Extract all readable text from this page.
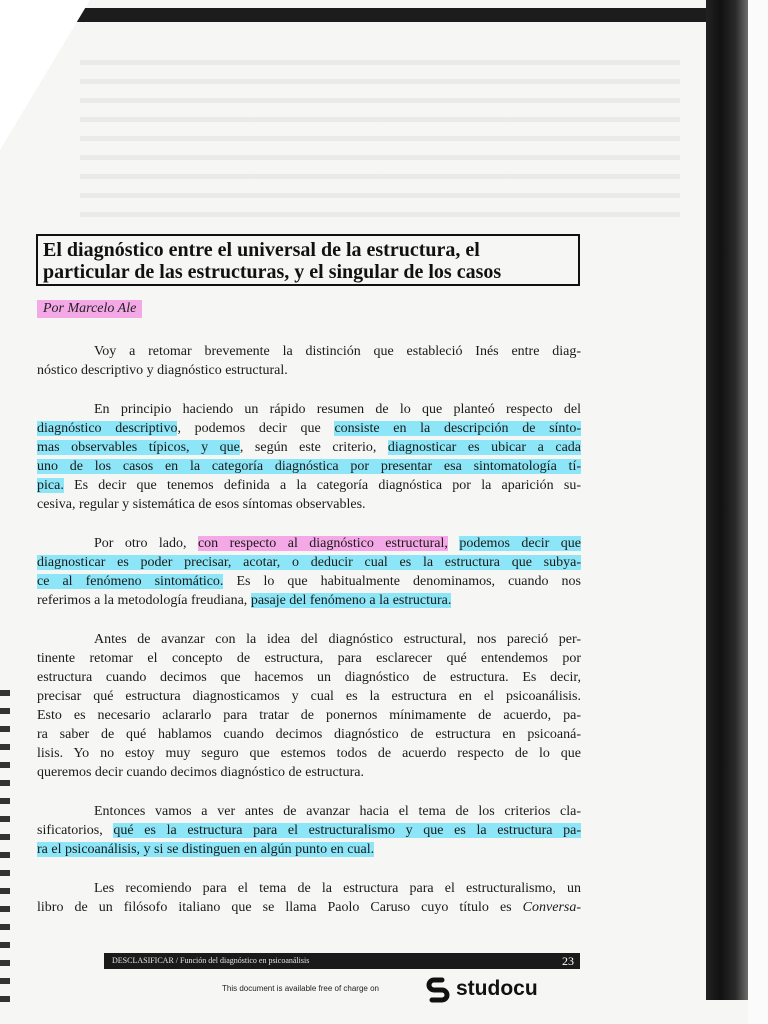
El diagnóstico entre el universal de la estructura, el
particular de las estructuras, y el singular de los casos
Por Marcelo Ale
Voy a retomar brevemente la distinción que estableció Inés entre diag-
nóstico descriptivo y diagnóstico estructural.
En principio haciendo un rápido resumen de lo que planteó respecto del
diagnóstico descriptivo, podemos decir que consiste en la descripción de sínto-
mas observables típicos, y que, según este criterio, diagnosticar es ubicar a cada
uno de los casos en la categoría diagnóstica por presentar esa sintomatología tí-
pica. Es decir que tenemos definida a la categoría diagnóstica por la aparición su-
cesiva, regular y sistemática de esos síntomas observables.
Por otro lado, con respecto al diagnóstico estructural, podemos decir que
diagnosticar es poder precisar, acotar, o deducir cual es la estructura que subya-
ce al fenómeno sintomático. Es lo que habitualmente denominamos, cuando nos
referimos a la metodología freudiana, pasaje del fenómeno a la estructura.
Antes de avanzar con la idea del diagnóstico estructural, nos pareció per-
tinente retomar el concepto de estructura, para esclarecer qué entendemos por
estructura cuando decimos que hacemos un diagnóstico de estructura. Es decir,
precisar qué estructura diagnosticamos y cual es la estructura en el psicoanálisis.
Esto es necesario aclararlo para tratar de ponernos mínimamente de acuerdo, pa-
ra saber de qué hablamos cuando decimos diagnóstico de estructura en psicoaná-
lisis. Yo no estoy muy seguro que estemos todos de acuerdo respecto de lo que
queremos decir cuando decimos diagnóstico de estructura.
Entonces vamos a ver antes de avanzar hacia el tema de los criterios cla-
sificatorios, qué es la estructura para el estructuralismo y que es la estructura pa-
ra el psicoanálisis, y si se distinguen en algún punto en cual.
Les recomiendo para el tema de la estructura para el estructuralismo, un
libro de un filósofo italiano que se llama Paolo Caruso cuyo título es Conversa-
DESCLASIFICAR / Función del diagnóstico en psicoanálisis	23
This document is available free of charge on	studocu
